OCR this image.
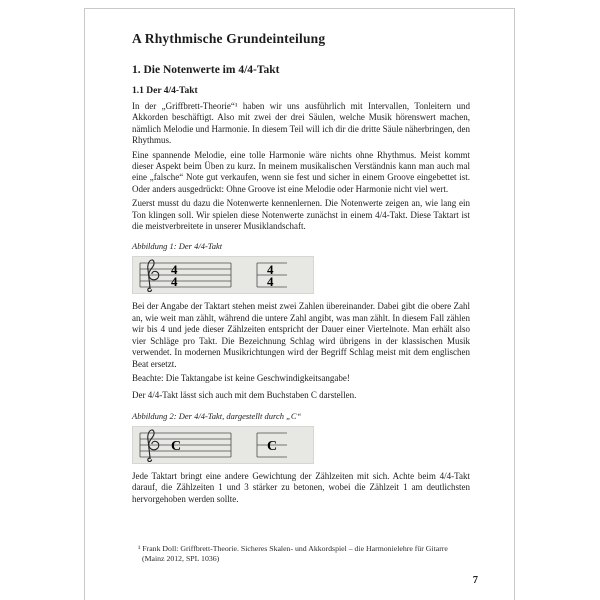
A Rhythmische Grundeinteilung
1. Die Notenwerte im 4/4-Takt
1.1 Der 4/4-Takt

In der „Griffbrett-Theorie“¹ haben wir uns ausführlich mit Intervallen, Tonleitern und Akkorden beschäftigt. Also mit zwei der drei Säulen, welche Musik hörenswert machen, nämlich Melodie und Harmonie. In diesem Teil will ich dir die dritte Säule näherbringen, den Rhythmus.

Eine spannende Melodie, eine tolle Harmonie wäre nichts ohne Rhythmus. Meist kommt dieser Aspekt beim Üben zu kurz. In meinem musikalischen Verständnis kann man auch mal eine „falsche“ Note gut verkaufen, wenn sie fest und sicher in einem Groove eingebettet ist. Oder anders ausgedrückt: Ohne Groove ist eine Melodie oder Harmonie nicht viel wert.

Zuerst musst du dazu die Notenwerte kennenlernen. Die Notenwerte zeigen an, wie lang ein Ton klingen soll. Wir spielen diese Notenwerte zunächst in einem 4/4-Takt. Diese Taktart ist die meistverbreitete in unserer Musiklandschaft.

Abbildung 1: Der 4/4-Takt
4
4
4
4

Bei der Angabe der Taktart stehen meist zwei Zahlen übereinander. Dabei gibt die obere Zahl an, wie weit man zählt, während die untere Zahl angibt, was man zählt. In diesem Fall zählen wir bis 4 und jede dieser Zählzeiten entspricht der Dauer einer Viertelnote. Man erhält also vier Schläge pro Takt. Die Bezeichnung Schlag wird übrigens in der klassischen Musik verwendet. In modernen Musikrichtungen wird der Begriff Schlag meist mit dem englischen Beat ersetzt.

Beachte: Die Taktangabe ist keine Geschwindigkeitsangabe!

Der 4/4-Takt lässt sich auch mit dem Buchstaben C darstellen.

Abbildung 2: Der 4/4-Takt, dargestellt durch „C“
C	C

Jede Taktart bringt eine andere Gewichtung der Zählzeiten mit sich. Achte beim 4/4-Takt darauf, die Zählzeiten 1 und 3 stärker zu betonen, wobei die Zählzeit 1 am deutlichsten hervorgehoben werden sollte.

¹ Frank Doll: Griffbrett-Theorie. Sicheres Skalen- und Akkordspiel – die Harmonielehre für Gitarre (Mainz 2012, SPL 1036)
7
